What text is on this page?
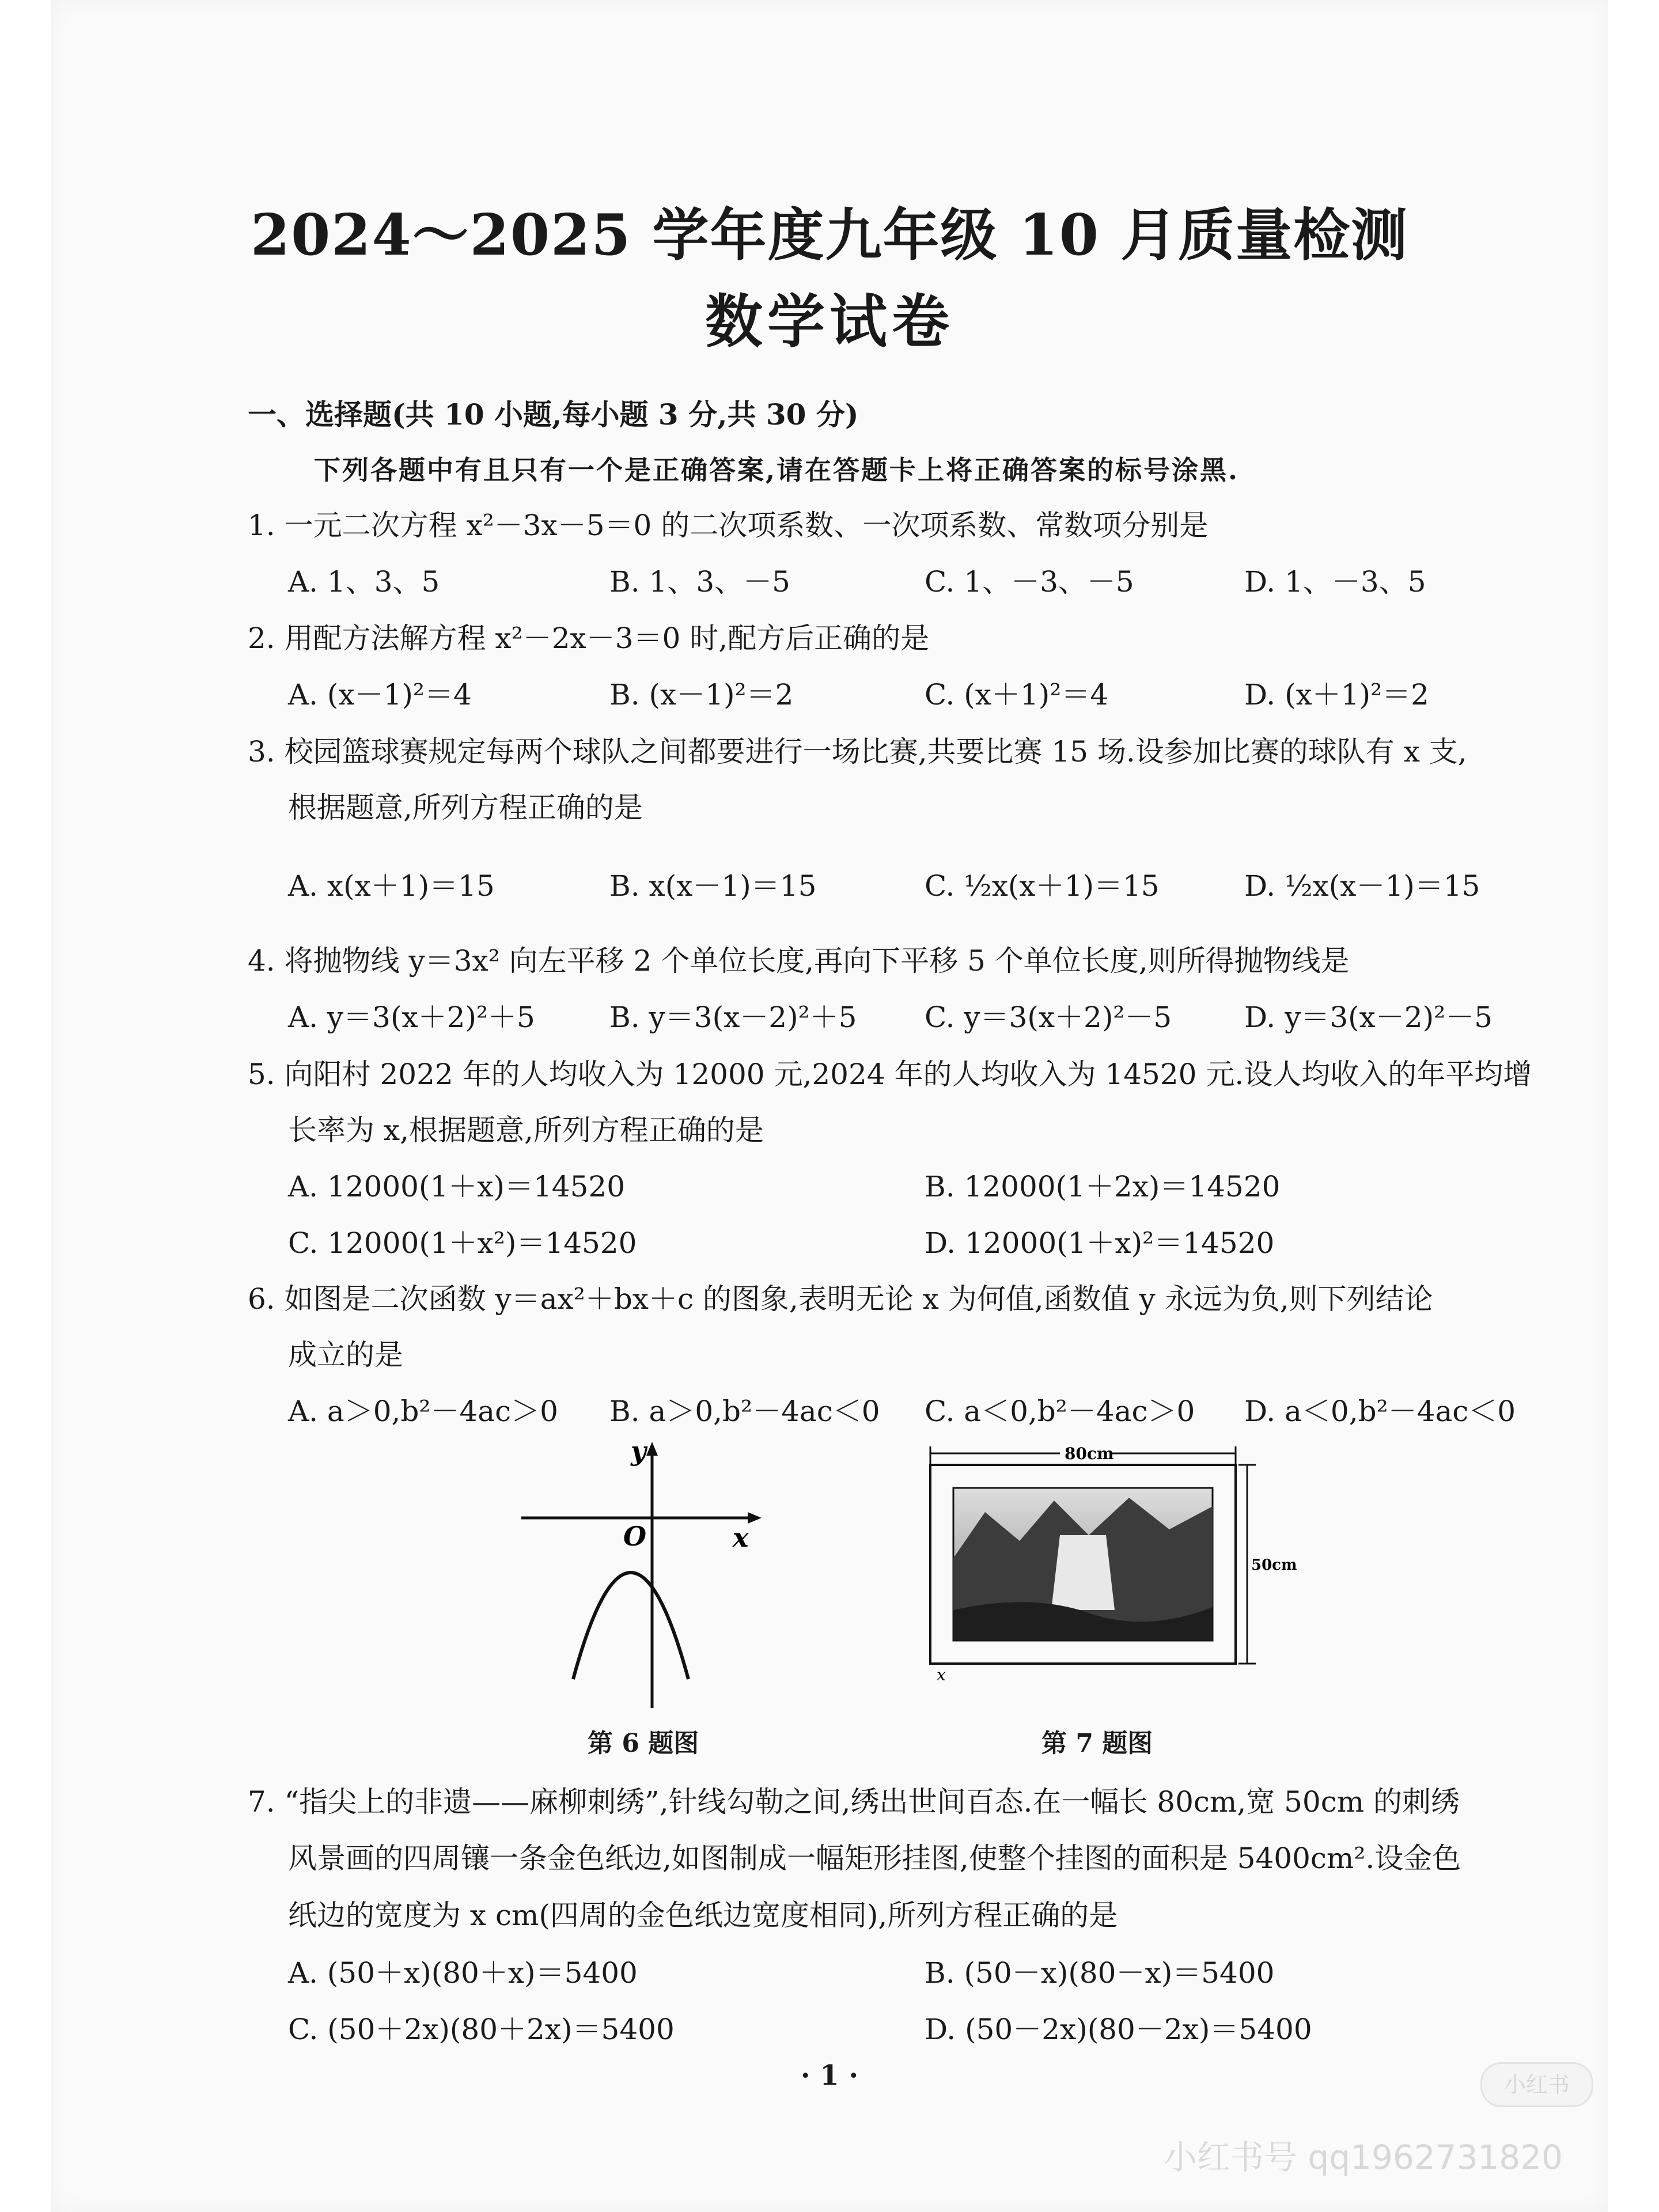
2024～2025 学年度九年级 10 月质量检测
数学试卷
一、选择题(共 10 小题,每小题 3 分,共 30 分)
下列各题中有且只有一个是正确答案,请在答题卡上将正确答案的标号涂黑.
1. 一元二次方程 x²－3x－5＝0 的二次项系数、一次项系数、常数项分别是
A. 1、3、5	B. 1、3、－5	C. 1、－3、－5	D. 1、－3、5
2. 用配方法解方程 x²－2x－3＝0 时,配方后正确的是
A. (x－1)²＝4	B. (x－1)²＝2	C. (x＋1)²＝4	D. (x＋1)²＝2
3. 校园篮球赛规定每两个球队之间都要进行一场比赛,共要比赛 15 场.设参加比赛的球队有 x 支,
根据题意,所列方程正确的是
A. x(x＋1)＝15	B. x(x－1)＝15	C. ½x(x＋1)＝15	D. ½x(x－1)＝15
4. 将抛物线 y＝3x² 向左平移 2 个单位长度,再向下平移 5 个单位长度,则所得抛物线是
A. y＝3(x＋2)²＋5	B. y＝3(x－2)²＋5 C. y＝3(x＋2)²－5	D. y＝3(x－2)²－5
5. 向阳村 2022 年的人均收入为 12000 元,2024 年的人均收入为 14520 元.设人均收入的年平均增
长率为 x,根据题意,所列方程正确的是
A. 12000(1＋x)＝14520	B. 12000(1＋2x)＝14520
C. 12000(1＋x²)＝14520	D. 12000(1＋x)²＝14520
6. 如图是二次函数 y＝ax²＋bx＋c 的图象,表明无论 x 为何值,函数值 y 永远为负,则下列结论
成立的是
A. a＞0,b²－4ac＞0 B. a＞0,b²－4ac＜0 C. a＜0,b²－4ac＞0 D. a＜0,b²－4ac＜0
y
x
O
第 6 题图
80cm
50cm
x
第 7 题图
7. “指尖上的非遗——麻柳刺绣”,针线勾勒之间,绣出世间百态.在一幅长 80cm,宽 50cm 的刺绣
风景画的四周镶一条金色纸边,如图制成一幅矩形挂图,使整个挂图的面积是 5400cm².设金色
纸边的宽度为 x cm(四周的金色纸边宽度相同),所列方程正确的是
A. (50＋x)(80＋x)＝5400	B. (50－x)(80－x)＝5400
C. (50＋2x)(80＋2x)＝5400	D. (50－2x)(80－2x)＝5400
· 1 ·	小红书
小红书号 qq1962731820
